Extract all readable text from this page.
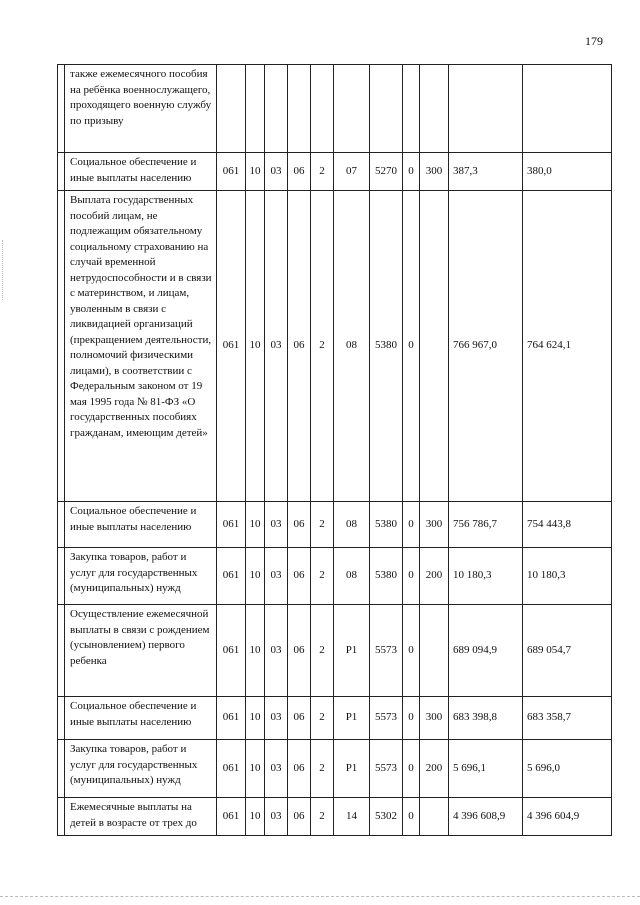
179
	также ежемесячного пособия на ребёнка военнослужащего, проходящего военную службу по призыву											
	Социальное обеспечение и иные выплаты населению	061	10	03	06	2	07	5270	0	300	387,3	380,0
	Выплата государственных пособий лицам, не подлежащим обязательному социальному страхованию на случай временной нетрудоспособности и в связи с материнством, и лицам, уволенным в связи с ликвидацией организаций (прекращением деятельности, полномочий физическими лицами), в соответствии с Федеральным законом от 19 мая 1995 года № 81-ФЗ «О государственных пособиях гражданам, имеющим детей»	061	10	03	06	2	08	5380	0		766 967,0	764 624,1
	Социальное обеспечение и иные выплаты населению	061	10	03	06	2	08	5380	0	300	756 786,7	754 443,8
	Закупка товаров, работ и услуг для государственных (муниципальных) нужд	061	10	03	06	2	08	5380	0	200	10 180,3	10 180,3
	Осуществление ежемесячной выплаты в связи с рождением (усыновлением) первого ребенка	061	10	03	06	2	Р1	5573	0		689 094,9	689 054,7
	Социальное обеспечение и иные выплаты населению	061	10	03	06	2	Р1	5573	0	300	683 398,8	683 358,7
	Закупка товаров, работ и услуг для государственных (муниципальных) нужд	061	10	03	06	2	Р1	5573	0	200	5 696,1	5 696,0
	Ежемесячные выплаты на детей в возрасте от трех до	061	10	03	06	2	14	5302	0		4 396 608,9	4 396 604,9
